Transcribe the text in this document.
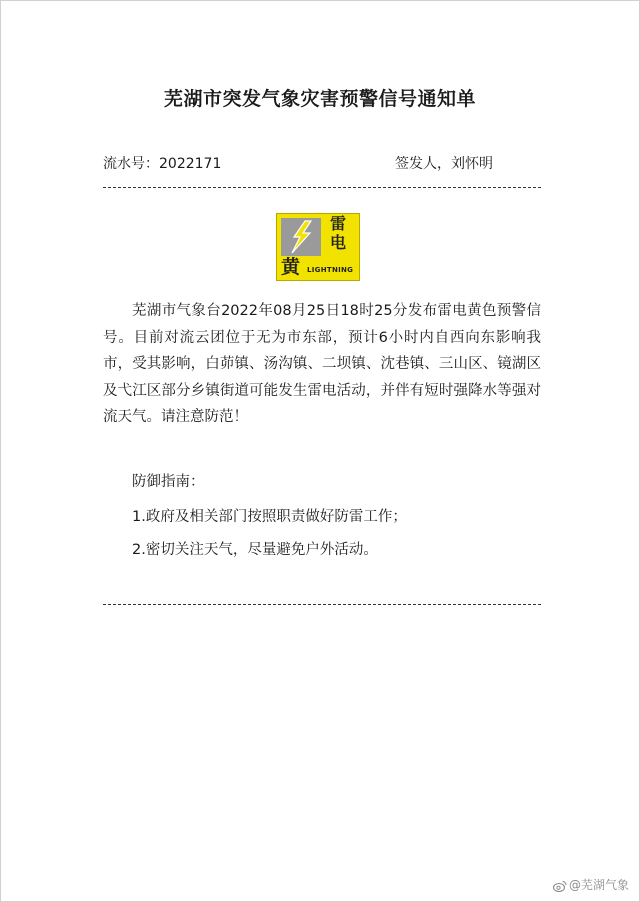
芜湖市突发气象灾害预警信号通知单
流水号：2022171	签发人，刘怀明
雷
电
黄 LIGHTNING

芜湖市气象台2022年08月25日18时25分发布雷电黄色预警信号。目前对流云团位于无为市东部，预计6小时内自西向东影响我市，受其影响，白茆镇、汤沟镇、二坝镇、沈巷镇、三山区、镜湖区及弋江区部分乡镇街道可能发生雷电活动，并伴有短时强降水等强对流天气。请注意防范！

防御指南：
1.政府及相关部门按照职责做好防雷工作；
2.密切关注天气，尽量避免户外活动。
@芜湖气象
